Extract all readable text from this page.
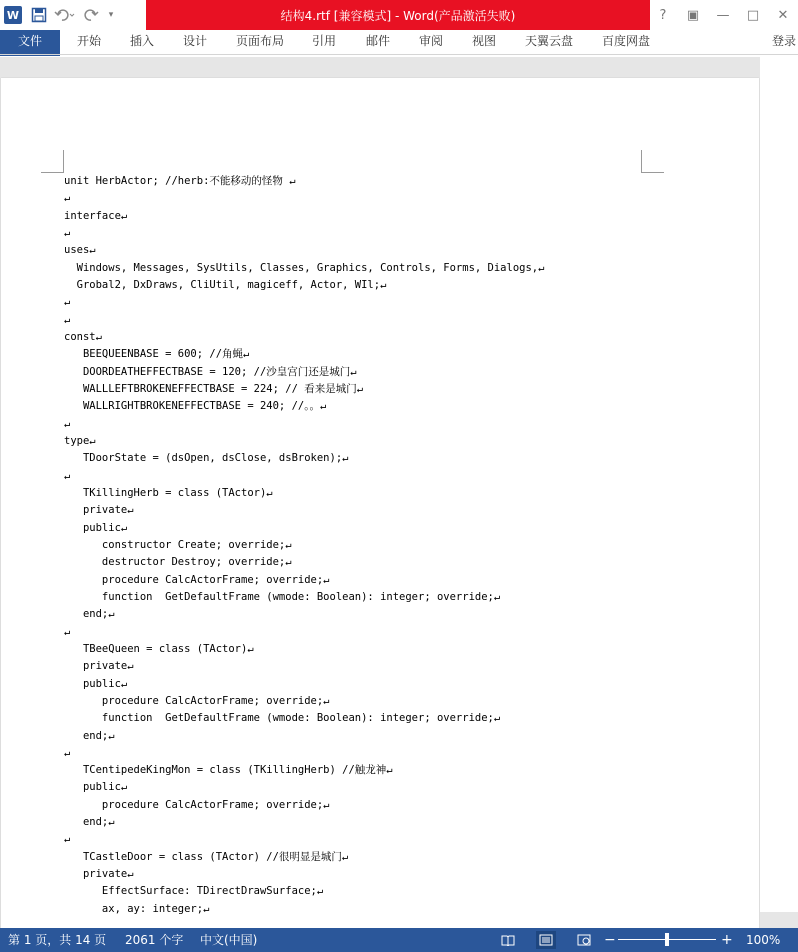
W	▾	结构4.rtf [兼容模式] - Word(产品激活失败)	? ▣ — □ ✕
文件	开始 插入 设计 页面布局 引用 邮件 审阅 视图 天翼云盘 百度网盘	登录
unit HerbActor; //herb:不能移动的怪物 ↵
↵
interface↵
↵
uses↵
Windows, Messages, SysUtils, Classes, Graphics, Controls, Forms, Dialogs,↵
Grobal2, DxDraws, CliUtil, magiceff, Actor, WIl;↵
↵
↵
const↵
BEEQUEENBASE = 600; //角蝇↵
DOORDEATHEFFECTBASE = 120; //沙皇宫门还是城门↵
WALLLEFTBROKENEFFECTBASE = 224; // 看来是城门↵
WALLRIGHTBROKENEFFECTBASE = 240; //。。↵
↵
type↵
TDoorState = (dsOpen, dsClose, dsBroken);↵
↵
TKillingHerb = class (TActor)↵
private↵
public↵
constructor Create; override;↵
destructor Destroy; override;↵
procedure CalcActorFrame; override;↵
function  GetDefaultFrame (wmode: Boolean): integer; override;↵
end;↵
↵
TBeeQueen = class (TActor)↵
private↵
public↵
procedure CalcActorFrame; override;↵
function  GetDefaultFrame (wmode: Boolean): integer; override;↵
end;↵
↵
TCentipedeKingMon = class (TKillingHerb) //触龙神↵
public↵
procedure CalcActorFrame; override;↵
end;↵
↵
TCastleDoor = class (TActor) //很明显是城门↵
private↵
EffectSurface: TDirectDrawSurface;↵
ax, ay: integer;↵
第 1 页，共 14 页 2061 个字 中文(中国)	−	+ 100%
